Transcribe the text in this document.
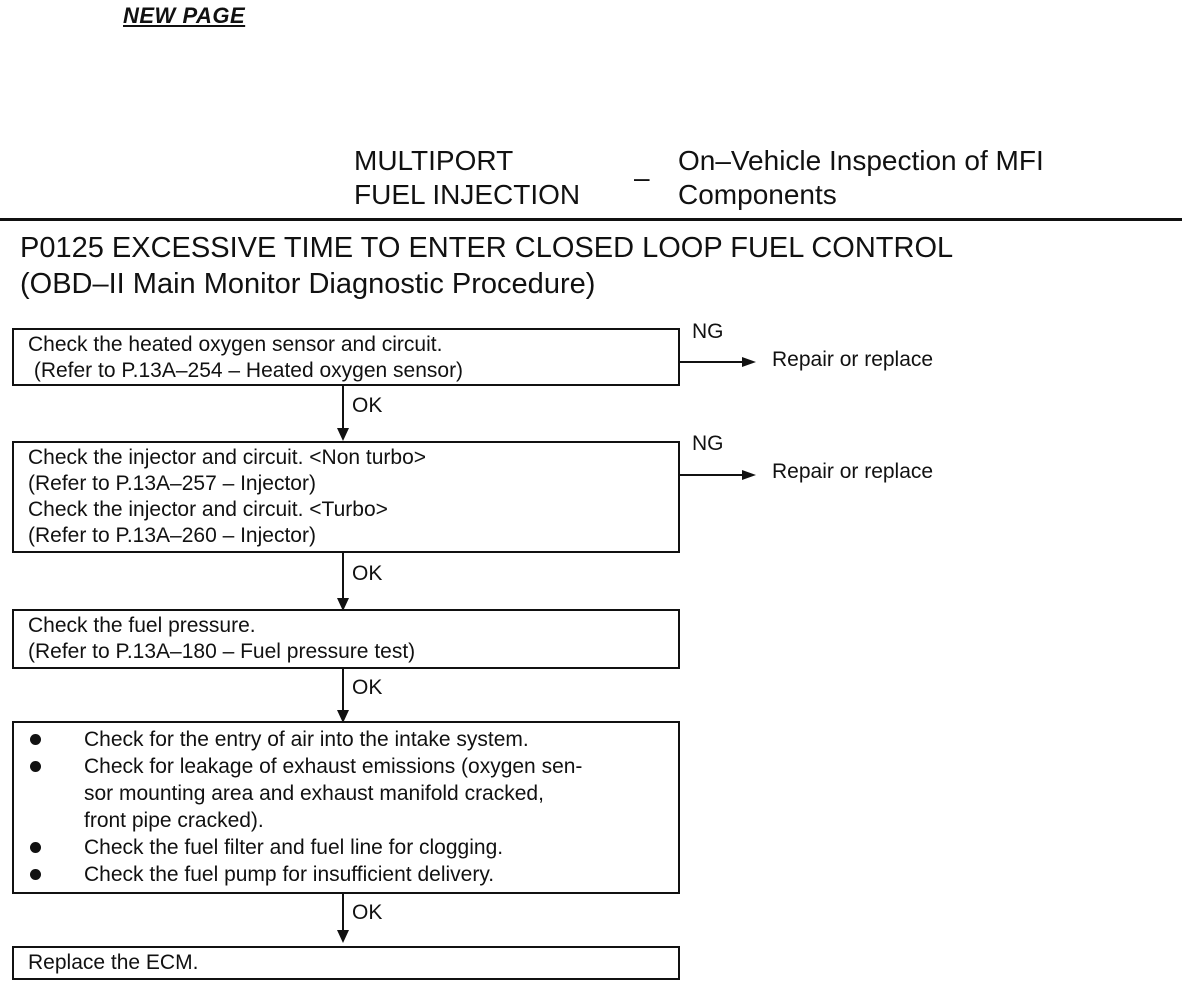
NEW PAGE
MULTIPORT
FUEL INJECTION
–
On–Vehicle Inspection of MFI
Components
P0125 EXCESSIVE TIME TO ENTER CLOSED LOOP FUEL CONTROL
(OBD–II Main Monitor Diagnostic Procedure)
Check the heated oxygen sensor and circuit.
(Refer to P.13A–254 – Heated oxygen sensor)
NG
Repair or replace
OK
Check the injector and circuit. <Non turbo>
(Refer to P.13A–257 – Injector)
Check the injector and circuit. <Turbo>
(Refer to P.13A–260 – Injector)
NG
Repair or replace
OK
Check the fuel pressure.
(Refer to P.13A–180 – Fuel pressure test)
OK
Check for the entry of air into the intake system.
Check for leakage of exhaust emissions (oxygen sen-
sor mounting area and exhaust manifold cracked,
front pipe cracked).
Check the fuel filter and fuel line for clogging.
Check the fuel pump for insufficient delivery.
OK
Replace the ECM.
